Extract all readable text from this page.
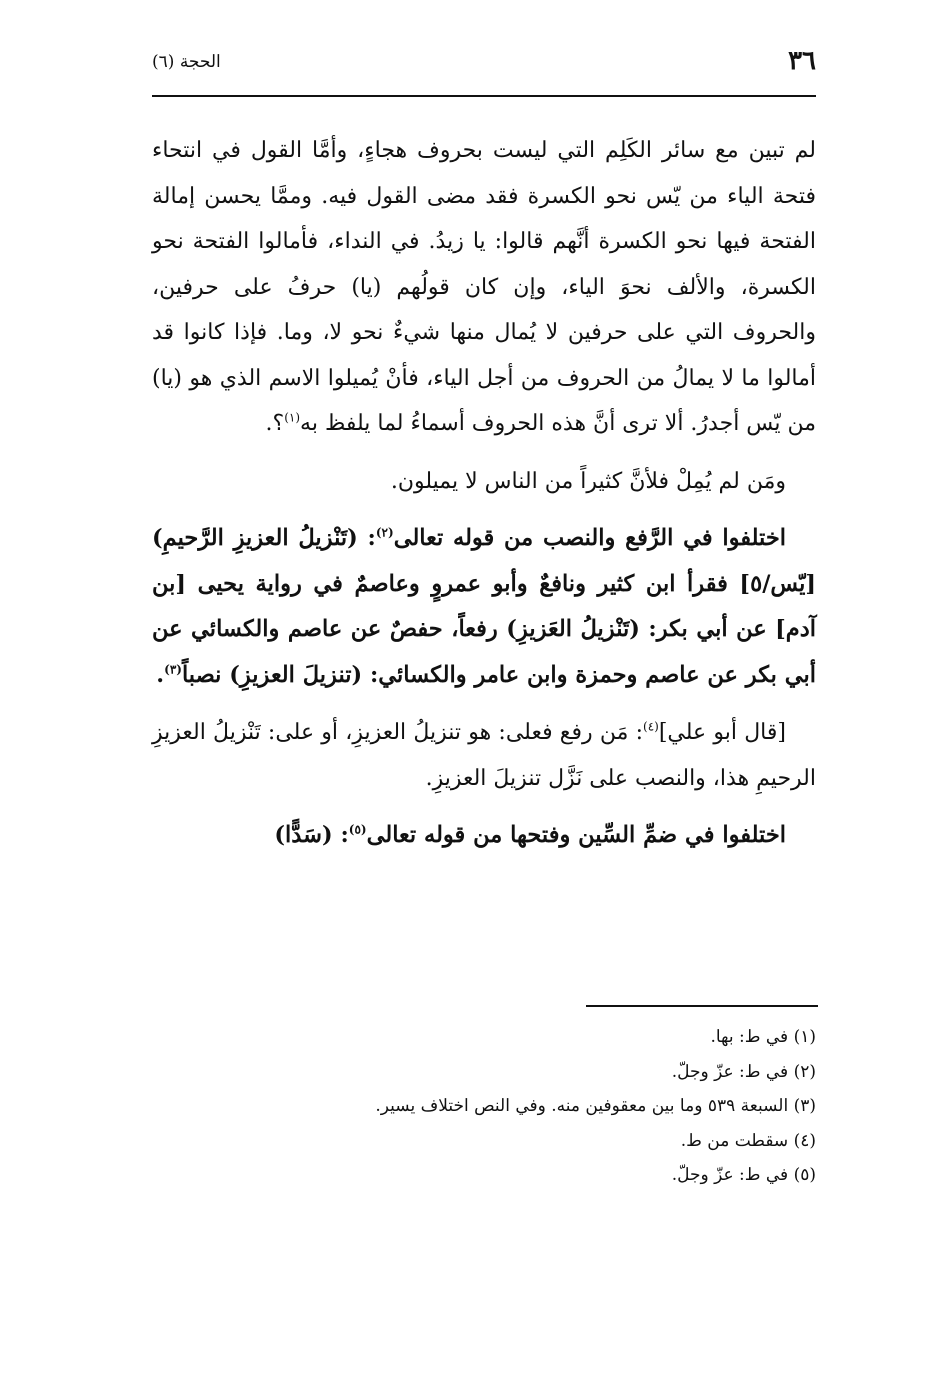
٣٦
الحجة (٦)

لم تبين مع سائر الكَلِم التي ليست بحروف هجاءٍ، وأمَّا القول في انتحاء فتحة الياء من يّس نحو الكسرة فقد مضى القول فيه. وممَّا يحسن إمالة الفتحة فيها نحو الكسرة أنَّهم قالوا: يا زيدُ. في النداء، فأمالوا الفتحة نحو الكسرة، والألف نحوَ الياء، وإن كان قولُهم (يا) حرفُ على حرفين، والحروف التي على حرفين لا يُمال منها شيءٌ نحو لا، وما. فإذا كانوا قد أمالوا ما لا يمالُ من الحروف من أجل الياء، فأنْ يُميلوا الاسم الذي هو (يا) من يّس أجدرُ. ألا ترى أنَّ هذه الحروف أسماءُ لما يلفظ به$^{(١)}$؟.

ومَن لم يُمِلْ فلأنَّ كثيراً من الناس لا يميلون.

اختلفوا في الرَّفع والنصب من قوله تعالى$^{(٢)}$: (تَنْزيلُ العزيزِ الرَّحيمِ) [يّس/٥] فقرأ ابن كثير ونافعٌ وأبو عمروٍ وعاصمٌ في رواية يحيى [بن آدم] عن أبي بكر: (تَنْزيلُ العَزيزِ) رفعاً، حفصٌ عن عاصم والكسائي عن أبي بكر عن عاصم وحمزة وابن عامر والكسائي: (تنزيلَ العزيزِ) نصباً$^{(٣)}$.

[قال أبو علي]$^{(٤)}$: مَن رفع فعلى: هو تنزيلُ العزيزِ، أو على: تَنْزيلُ العزيزِ الرحيمِ هذا، والنصب على نَزَّل تنزيلَ العزيزِ.

اختلفوا في ضمِّ السِّين وفتحها من قوله تعالى$^{(٥)}$: (سَدًّا)

(١) في ط: بها.
(٢) في ط: عزّ وجلّ.
(٣) السبعة ٥٣٩ وما بين معقوفين منه. وفي النص اختلاف يسير.
(٤) سقطت من ط.
(٥) في ط: عزّ وجلّ.
